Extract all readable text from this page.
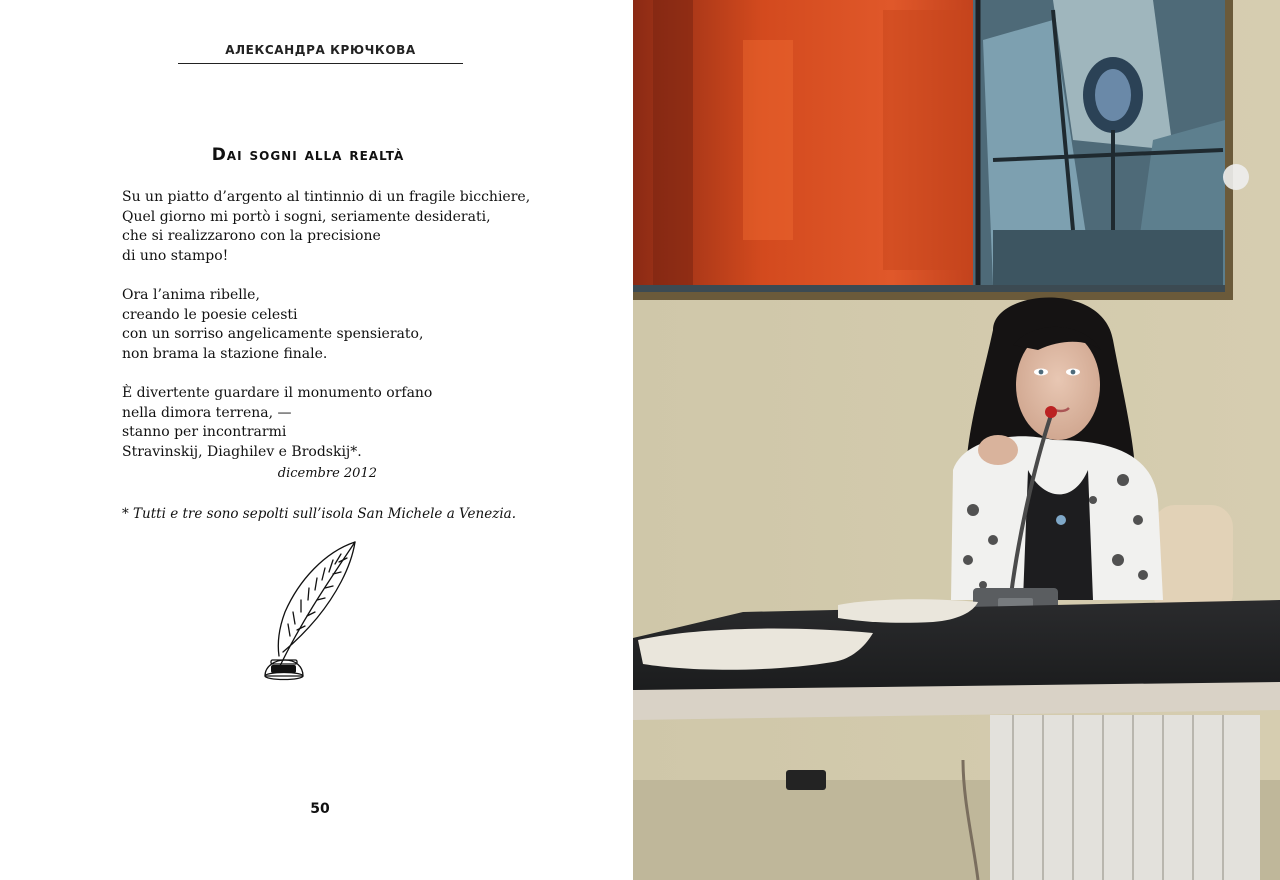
АЛЕКСАНДРА КРЮЧКОВА
Dai sogni alla realtà
Su un piatto d’argento al tintinnio di un fragile bicchiere,
Quel giorno mi portò i sogni, seriamente desiderati,
che si realizzarono con la precisione
di uno stampo!
Ora l’anima ribelle,
creando le poesie celesti
con un sorriso angelicamente spensierato,
non brama la stazione finale.
È divertente guardare il monumento orfano
nella dimora terrena, —
stanno per incontrarmi
Stravinskij, Diaghilev e Brodskij*.
dicembre 2012
* Tutti e tre sono sepolti sull’isola San Michele a Venezia.
50
